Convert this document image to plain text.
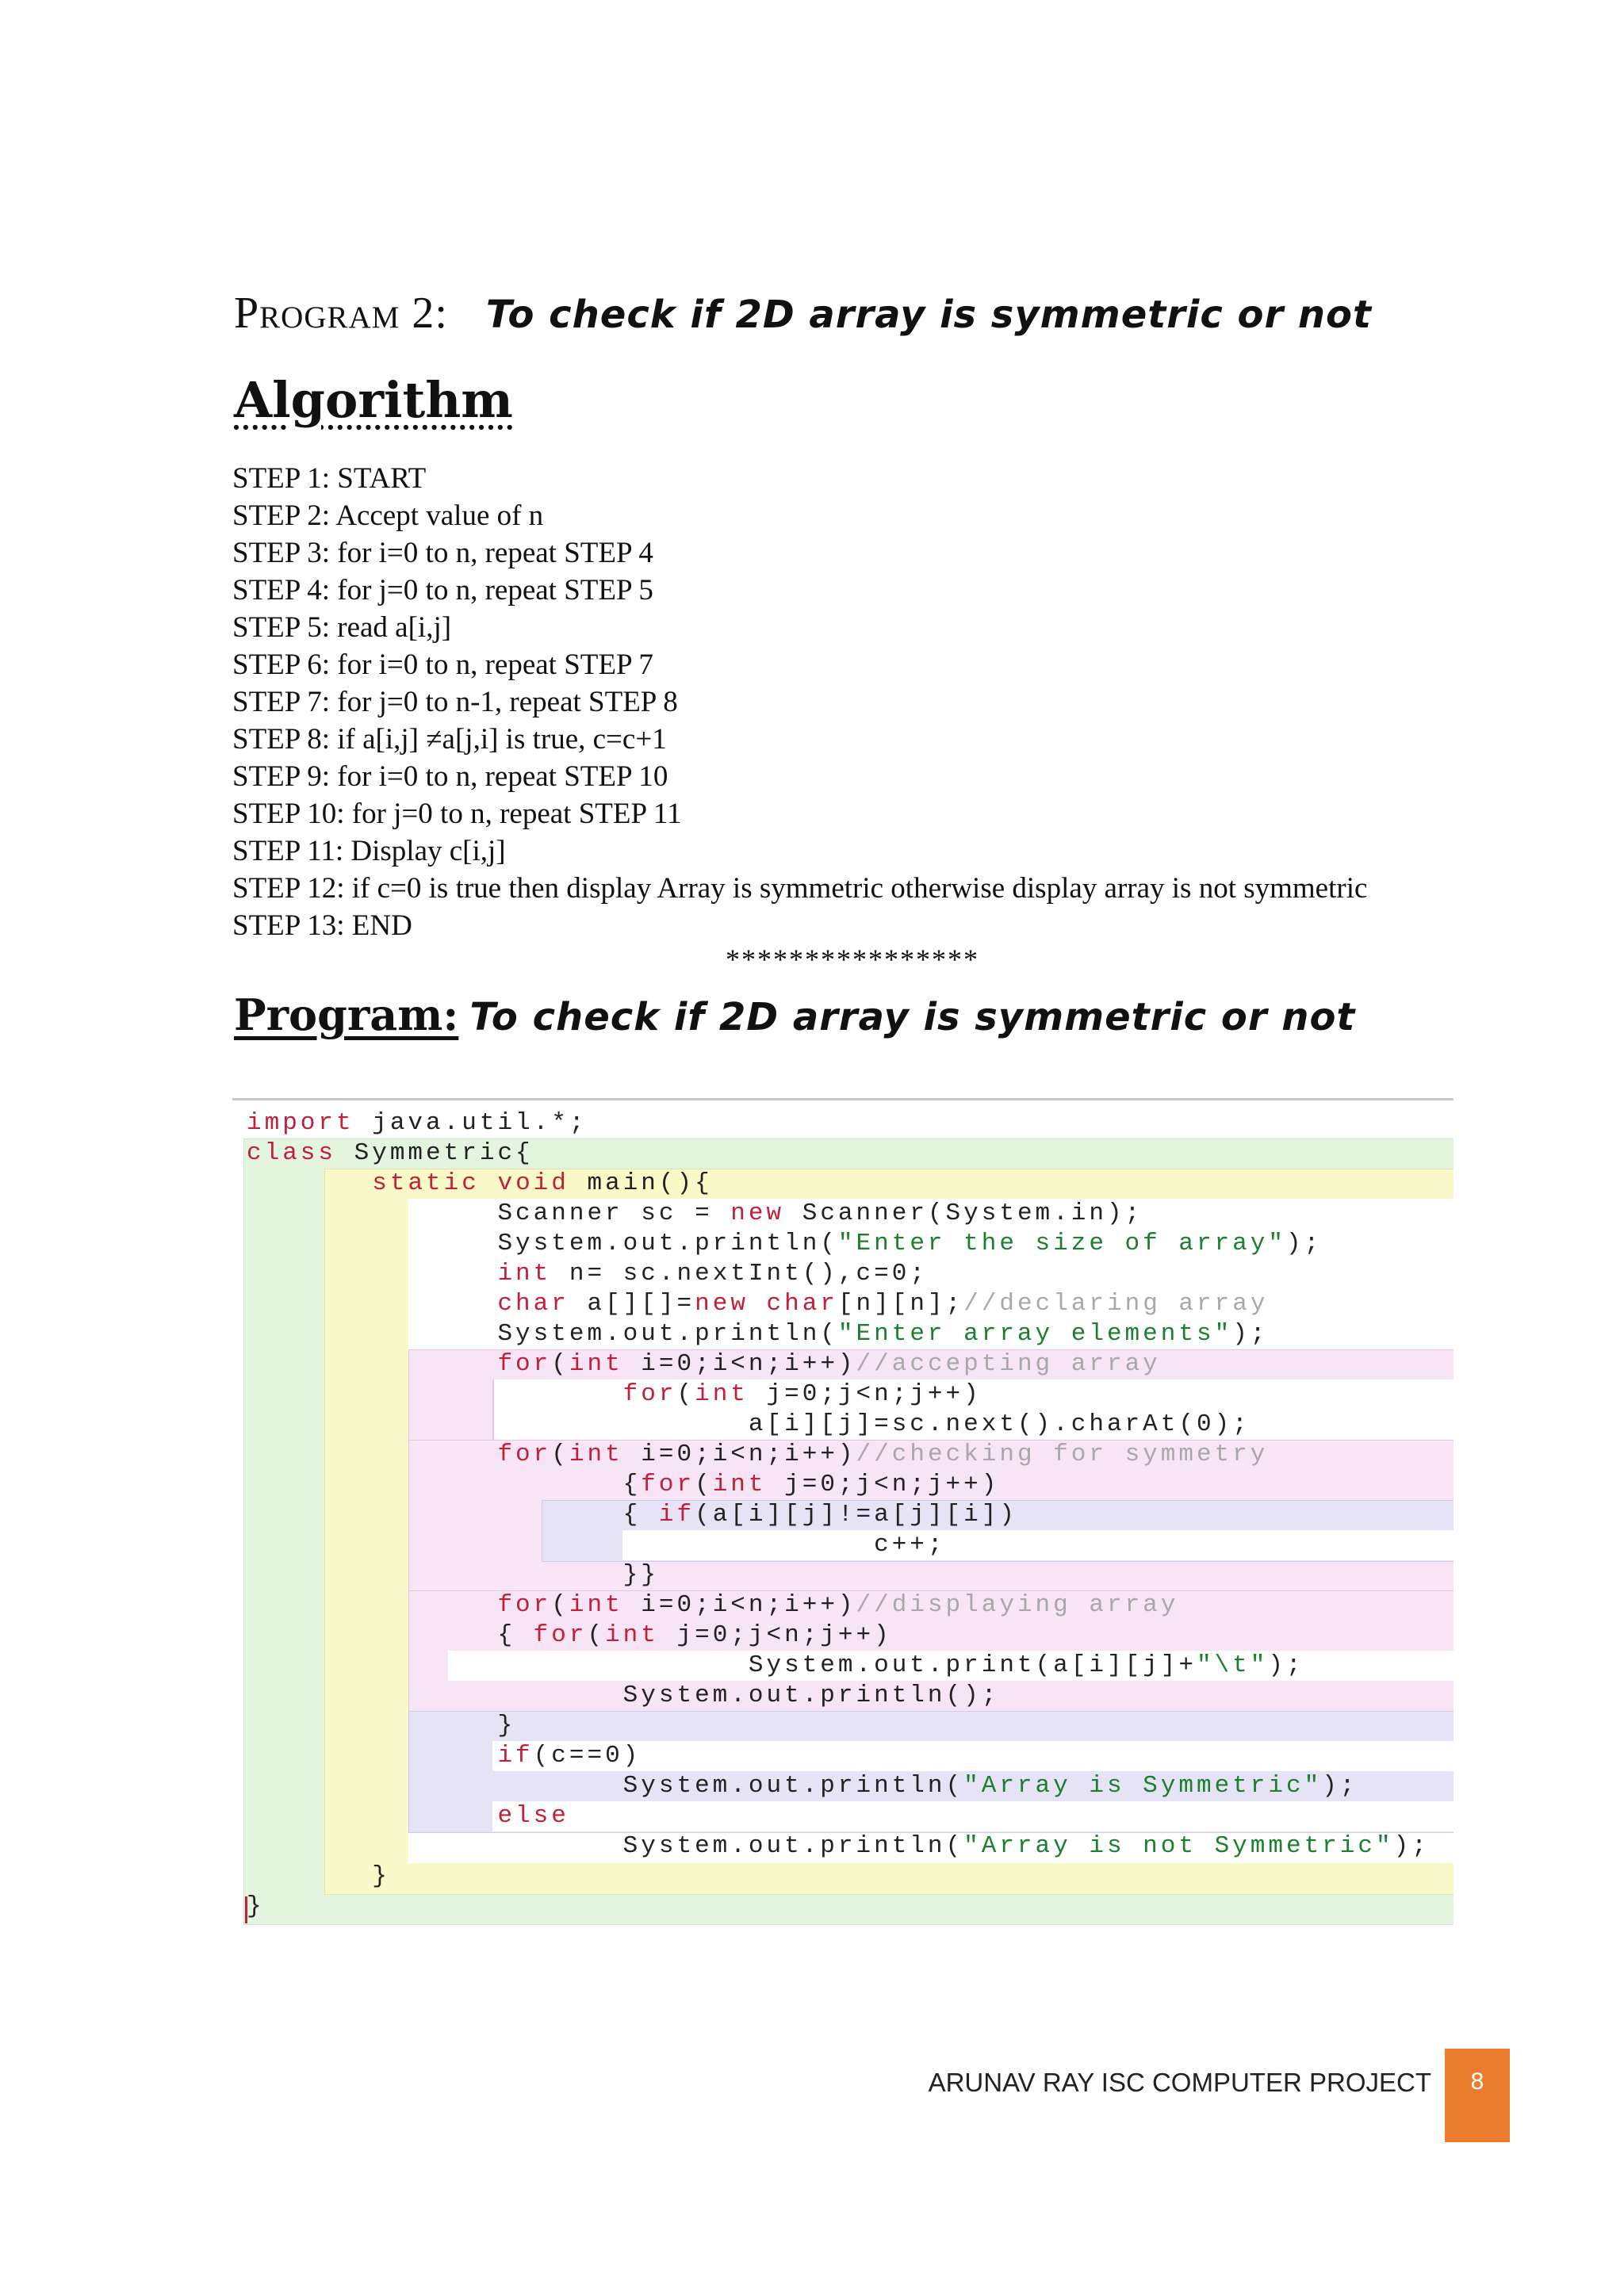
Program 2: To check if 2D array is symmetric or not
Algorithm
STEP 1: START
STEP 2: Accept value of n
STEP 3: for i=0 to n, repeat STEP 4
STEP 4: for j=0 to n, repeat STEP 5
STEP 5: read a[i,j]
STEP 6: for i=0 to n, repeat STEP 7
STEP 7: for j=0 to n-1, repeat STEP 8
STEP 8: if a[i,j] ≠a[j,i] is true, c=c+1
STEP 9: for i=0 to n, repeat STEP 10
STEP 10: for j=0 to n, repeat STEP 11
STEP 11: Display c[i,j]
STEP 12: if c=0 is true then display Array is symmetric otherwise display array is not symmetric
STEP 13: END
****************
Program: To check if 2D array is symmetric or not
import java.util.*;
class Symmetric{
static void main(){
Scanner sc = new Scanner(System.in);
System.out.println("Enter the size of array");
int n= sc.nextInt(),c=0;
char a[][]=new char[n][n];//declaring array
System.out.println("Enter array elements");
for(int i=0;i<n;i++)//accepting array
for(int j=0;j<n;j++)
a[i][j]=sc.next().charAt(0);
for(int i=0;i<n;i++)//checking for symmetry
{for(int j=0;j<n;j++)
{ if(a[i][j]!=a[j][i])
c++;
}}
for(int i=0;i<n;i++)//displaying array
{ for(int j=0;j<n;j++)
System.out.print(a[i][j]+"\t");
System.out.println();
}
if(c==0)
System.out.println("Array is Symmetric");
else
System.out.println("Array is not Symmetric");
}
}
ARUNAV RAY ISC COMPUTER PROJECT	8
